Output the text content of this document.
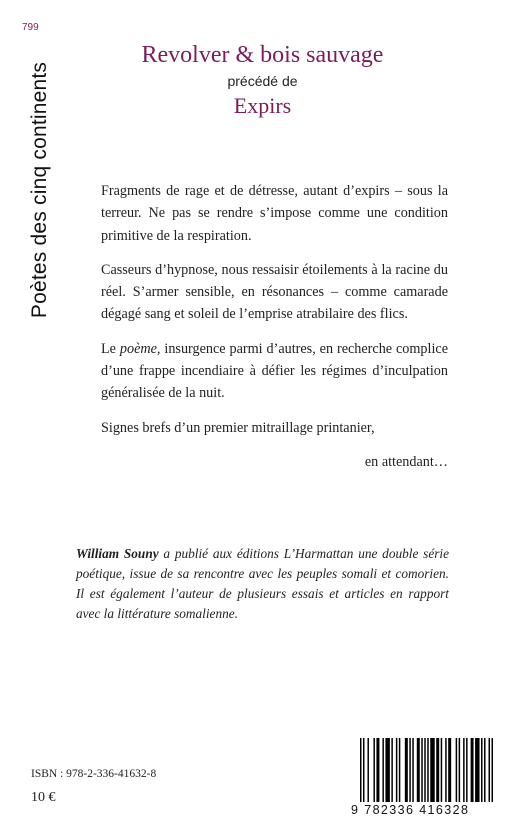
799
Poètes des cinq continents
Revolver & bois sauvage
précédé de
Expirs

Fragments de rage et de détresse, autant d’expirs – sous la terreur. Ne pas se rendre s’impose comme une condition primitive de la respiration.

Casseurs d’hypnose, nous ressaisir étoilements à la racine du réel. S’armer sensible, en résonances – comme camarade dégagé sang et soleil de l’emprise atrabilaire des flics.

Le poème, insurgence parmi d’autres, en recherche complice d’une frappe incendiaire à défier les régimes d’inculpation généralisée de la nuit.

Signes brefs d’un premier mitraillage printanier,

en attendant…
William Souny a publié aux éditions L’Harmattan une double série poétique, issue de sa rencontre avec les peuples somali et comorien. Il est également l’auteur de plusieurs essais et articles en rapport avec la littérature somalienne.
ISBN : 978-2-336-41632-8
10 €
9 782336 416328
